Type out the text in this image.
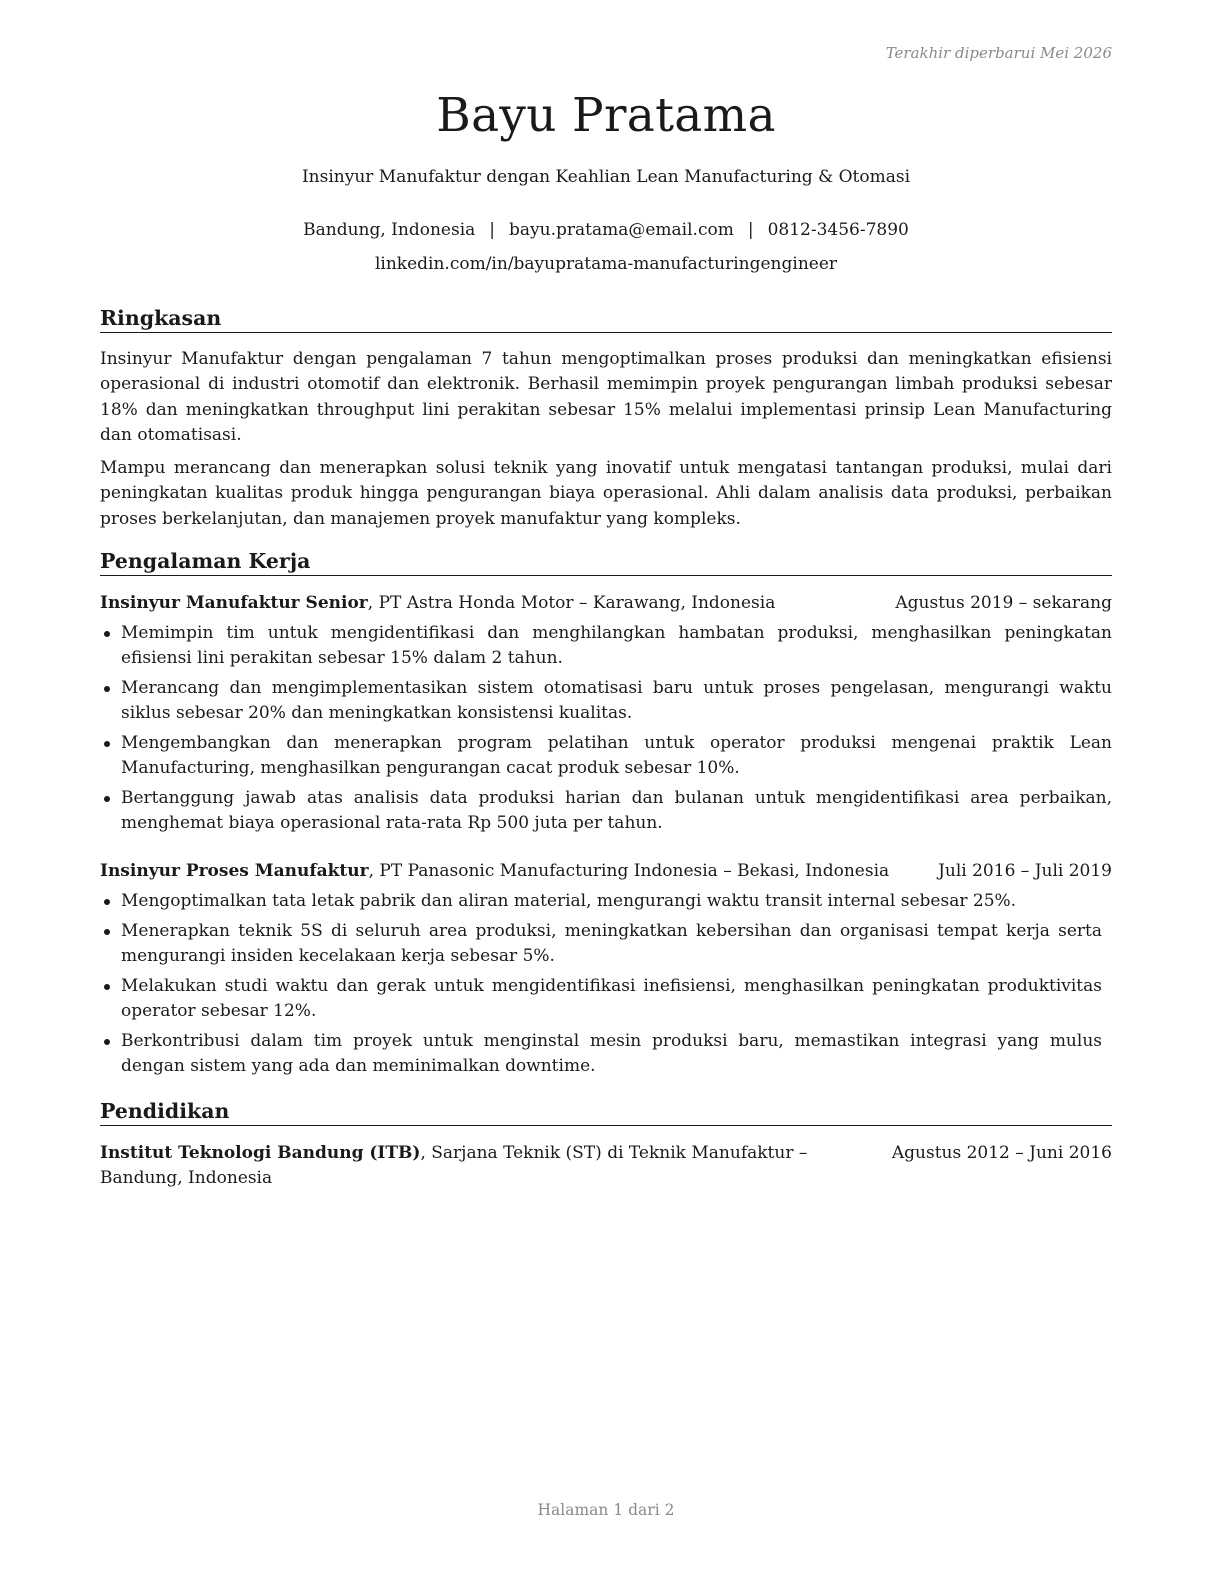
Terakhir diperbarui Mei 2026
Bayu Pratama
Insinyur Manufaktur dengan Keahlian Lean Manufacturing & Otomasi
Bandung, Indonesia | bayu.pratama@email.com | 0812-3456-7890
linkedin.com/in/bayupratama-manufacturingengineer
Ringkasan

Insinyur Manufaktur dengan pengalaman 7 tahun mengoptimalkan proses produksi dan meningkatkan efisiensi operasional di industri otomotif dan elektronik. Berhasil memimpin proyek pengurangan limbah produksi sebesar 18% dan meningkatkan throughput lini perakitan sebesar 15% melalui implementasi prinsip Lean Manufacturing dan otomatisasi.

Mampu merancang dan menerapkan solusi teknik yang inovatif untuk mengatasi tantangan produksi, mulai dari peningkatan kualitas produk hingga pengurangan biaya operasional. Ahli dalam analisis data produksi, perbaikan proses berkelanjutan, dan manajemen proyek manufaktur yang kompleks.

Pengalaman Kerja
Insinyur Manufaktur Senior, PT Astra Honda Motor – Karawang, Indonesia	Agustus 2019 – sekarang
Memimpin tim untuk mengidentifikasi dan menghilangkan hambatan produksi, menghasilkan peningkatan efisiensi lini perakitan sebesar 15% dalam 2 tahun.
Merancang dan mengimplementasikan sistem otomatisasi baru untuk proses pengelasan, mengurangi waktu siklus sebesar 20% dan meningkatkan konsistensi kualitas.
Mengembangkan dan menerapkan program pelatihan untuk operator produksi mengenai praktik Lean Manufacturing, menghasilkan pengurangan cacat produk sebesar 10%.
Bertanggung jawab atas analisis data produksi harian dan bulanan untuk mengidentifikasi area perbaikan, menghemat biaya operasional rata-rata Rp 500 juta per tahun.
Insinyur Proses Manufaktur, PT Panasonic Manufacturing Indonesia – Bekasi, Indonesia	Juli 2016 – Juli 2019
Mengoptimalkan tata letak pabrik dan aliran material, mengurangi waktu transit internal sebesar 25%.
Menerapkan teknik 5S di seluruh area produksi, meningkatkan kebersihan dan organisasi tempat kerja serta mengurangi insiden kecelakaan kerja sebesar 5%.
Melakukan studi waktu dan gerak untuk mengidentifikasi inefisiensi, menghasilkan peningkatan produktivitas operator sebesar 12%.
Berkontribusi dalam tim proyek untuk menginstal mesin produksi baru, memastikan integrasi yang mulus dengan sistem yang ada dan meminimalkan downtime.
Pendidikan
Institut Teknologi Bandung (ITB), Sarjana Teknik (ST) di Teknik Manufaktur – Bandung, Indonesia
Agustus 2012 – Juni 2016
Halaman 1 dari 2
